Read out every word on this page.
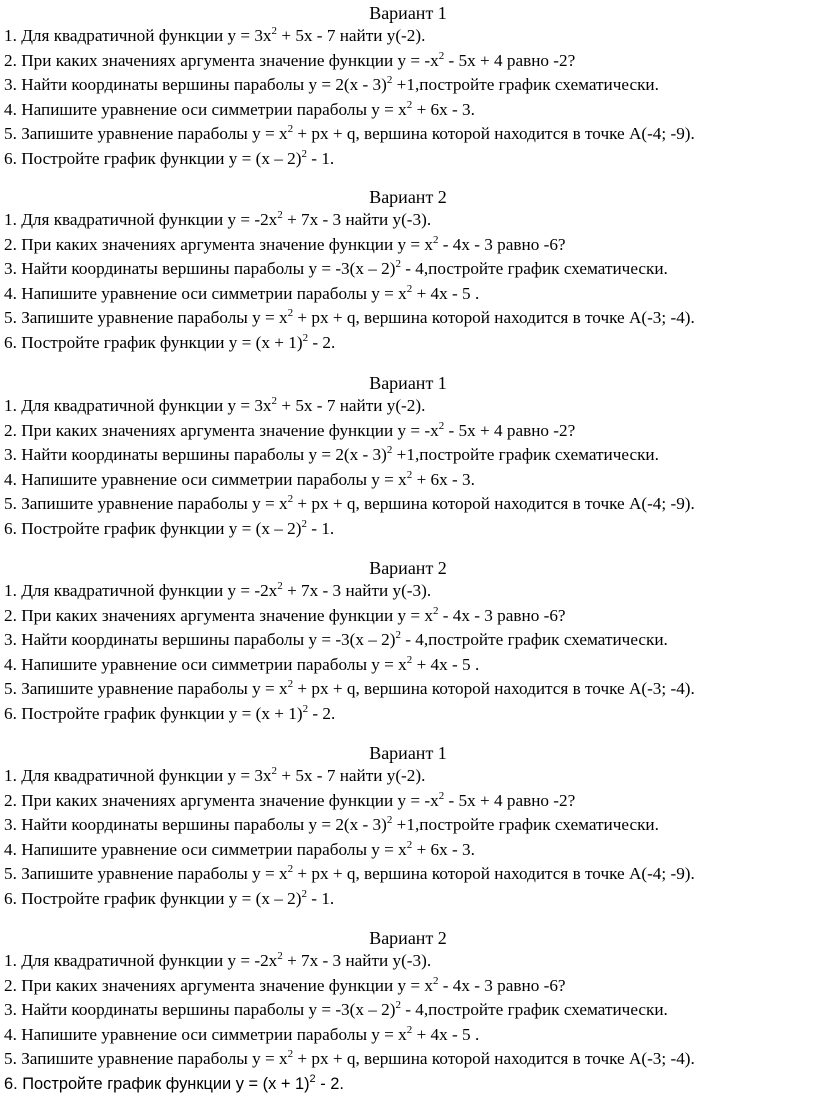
Вариант 1
1. Для квадратичной функции $y = 3x^2 + 5x - 7$ найти y(-2).
2. При каких значениях аргумента значение функции $y = -x^2 - 5x + 4$ равно -2?
3. Найти координаты вершины параболы y = 2(x - 3)$^2$ +1,постройте график схематически.
4. Напишите уравнение оси симметрии параболы $y = x^2 + 6x - 3$.
5. Запишите уравнение параболы $y = x^2$ + px + q, вершина которой находится в точке A(-4; -9).
6. Постройте график функции y = (x – 2)$^2$ - 1.
Вариант 2
1. Для квадратичной функции $y = -2x^2 + 7x - 3$ найти y(-3).
2. При каких значениях аргумента значение функции $y = x^2 - 4x - 3$ равно -6?
3. Найти координаты вершины параболы y = -3(x – 2)$^2$ - 4,постройте график схематически.
4. Напишите уравнение оси симметрии параболы $y = x^2 + 4x - 5$ .
5. Запишите уравнение параболы $y = x^2$ + px + q, вершина которой находится в точке A(-3; -4).
6. Постройте график функции $y = (x + 1)^2 - 2$.
Вариант 1
1. Для квадратичной функции $y = 3x^2 + 5x - 7$ найти y(-2).
2. При каких значениях аргумента значение функции $y = -x^2 - 5x + 4$ равно -2?
3. Найти координаты вершины параболы y = 2(x - 3)$^2$ +1,постройте график схематически.
4. Напишите уравнение оси симметрии параболы $y = x^2 + 6x - 3$.
5. Запишите уравнение параболы $y = x^2$ + px + q, вершина которой находится в точке A(-4; -9).
6. Постройте график функции y = (x – 2)$^2$ - 1.
Вариант 2
1. Для квадратичной функции $y = -2x^2 + 7x - 3$ найти y(-3).
2. При каких значениях аргумента значение функции $y = x^2 - 4x - 3$ равно -6?
3. Найти координаты вершины параболы y = -3(x – 2)$^2$ - 4,постройте график схематически.
4. Напишите уравнение оси симметрии параболы $y = x^2 + 4x - 5$ .
5. Запишите уравнение параболы $y = x^2$ + px + q, вершина которой находится в точке A(-3; -4).
6. Постройте график функции $y = (x + 1)^2 - 2$.
Вариант 1
1. Для квадратичной функции $y = 3x^2 + 5x - 7$ найти y(-2).
2. При каких значениях аргумента значение функции $y = -x^2 - 5x + 4$ равно -2?
3. Найти координаты вершины параболы y = 2(x - 3)$^2$ +1,постройте график схематически.
4. Напишите уравнение оси симметрии параболы $y = x^2 + 6x - 3$.
5. Запишите уравнение параболы $y = x^2$ + px + q, вершина которой находится в точке A(-4; -9).
6. Постройте график функции y = (x – 2)$^2$ - 1.
Вариант 2
1. Для квадратичной функции $y = -2x^2 + 7x - 3$ найти y(-3).
2. При каких значениях аргумента значение функции $y = x^2 - 4x - 3$ равно -6?
3. Найти координаты вершины параболы y = -3(x – 2)$^2$ - 4,постройте график схематически.
4. Напишите уравнение оси симметрии параболы $y = x^2 + 4x - 5$ .
5. Запишите уравнение параболы $y = x^2$ + px + q, вершина которой находится в точке A(-3; -4).
6. Постройте график функции $y = (x + 1)^2 - 2$.
